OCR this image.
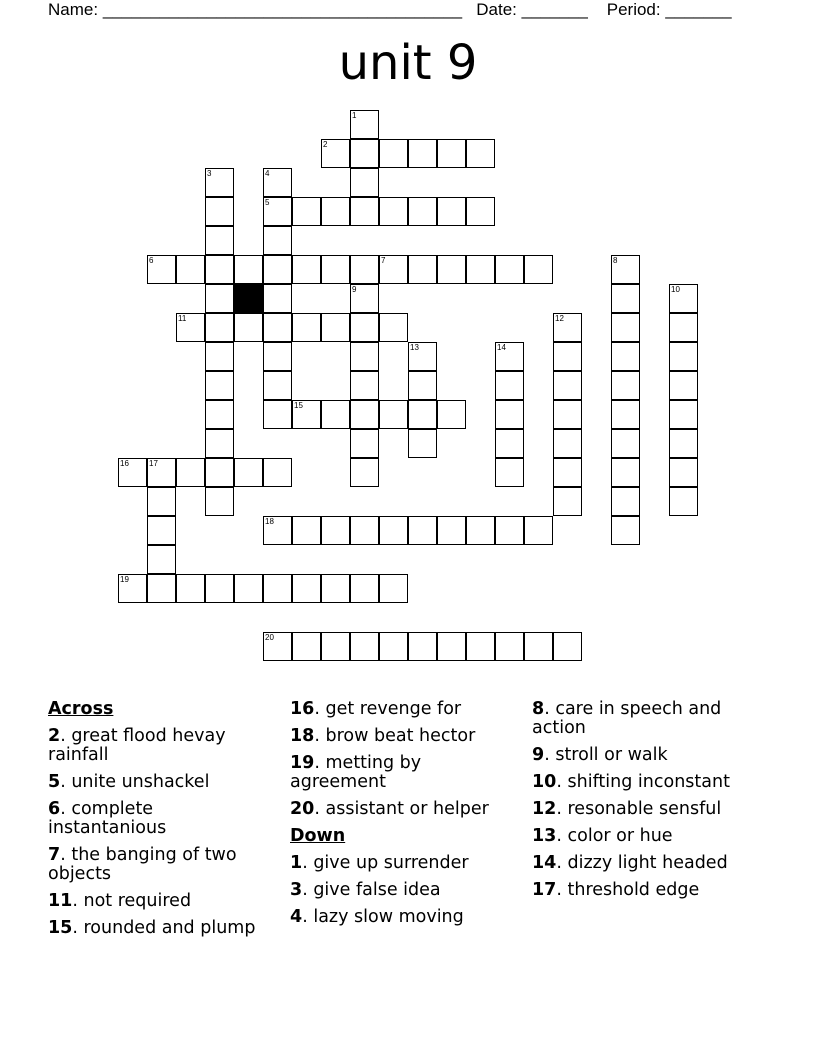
Name: ______________________________________ Date: _______ Period: _______
unit 9
1
2
3	4
5
6	7	8
9	10
11	12
13	14
15
16	17
18
19
20
Across
2. great flood hevay rainfall
5. unite unshackel
6. complete instantanious
7. the banging of two objects
11. not required
15. rounded and plump
16. get revenge for
18. brow beat hector
19. metting by agreement
20. assistant or helper
Down
1. give up surrender
3. give false idea
4. lazy slow moving
8. care in speech and action
9. stroll or walk
10. shifting inconstant
12. resonable sensful
13. color or hue
14. dizzy light headed
17. threshold edge
